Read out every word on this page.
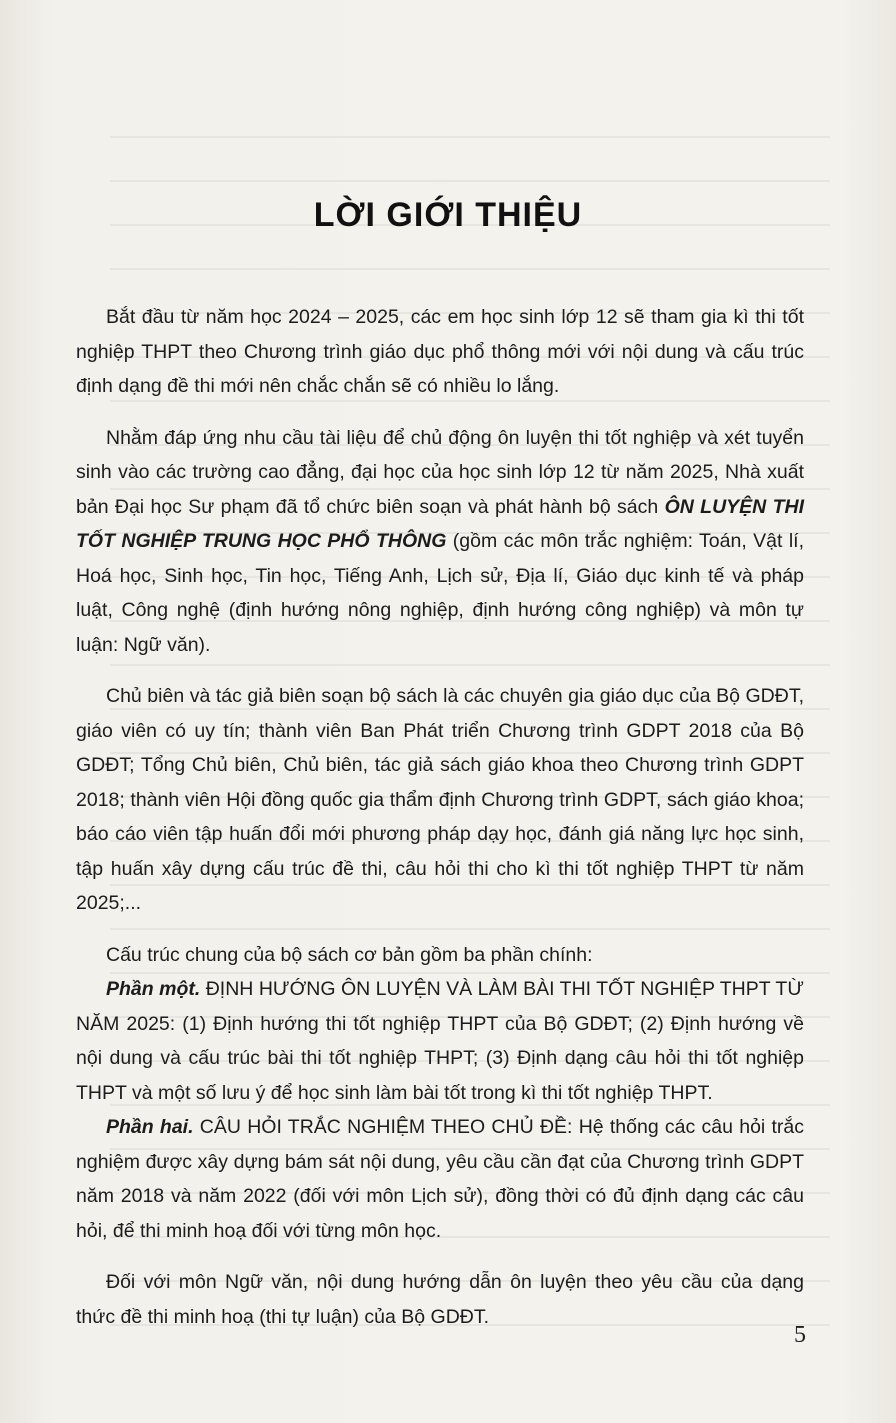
LỜI GIỚI THIỆU

Bắt đầu từ năm học 2024 – 2025, các em học sinh lớp 12 sẽ tham gia kì thi tốt nghiệp THPT theo Chương trình giáo dục phổ thông mới với nội dung và cấu trúc định dạng đề thi mới nên chắc chắn sẽ có nhiều lo lắng.

Nhằm đáp ứng nhu cầu tài liệu để chủ động ôn luyện thi tốt nghiệp và xét tuyển sinh vào các trường cao đẳng, đại học của học sinh lớp 12 từ năm 2025, Nhà xuất bản Đại học Sư phạm đã tổ chức biên soạn và phát hành bộ sách ÔN LUYỆN THI TỐT NGHIỆP TRUNG HỌC PHỔ THÔNG (gồm các môn trắc nghiệm: Toán, Vật lí, Hoá học, Sinh học, Tin học, Tiếng Anh, Lịch sử, Địa lí, Giáo dục kinh tế và pháp luật, Công nghệ (định hướng nông nghiệp, định hướng công nghiệp) và môn tự luận: Ngữ văn).

Chủ biên và tác giả biên soạn bộ sách là các chuyên gia giáo dục của Bộ GDĐT, giáo viên có uy tín; thành viên Ban Phát triển Chương trình GDPT 2018 của Bộ GDĐT; Tổng Chủ biên, Chủ biên, tác giả sách giáo khoa theo Chương trình GDPT 2018; thành viên Hội đồng quốc gia thẩm định Chương trình GDPT, sách giáo khoa; báo cáo viên tập huấn đổi mới phương pháp dạy học, đánh giá năng lực học sinh, tập huấn xây dựng cấu trúc đề thi, câu hỏi thi cho kì thi tốt nghiệp THPT từ năm 2025;...

Cấu trúc chung của bộ sách cơ bản gồm ba phần chính:

Phần một. ĐỊNH HƯỚNG ÔN LUYỆN VÀ LÀM BÀI THI TỐT NGHIỆP THPT TỪ NĂM 2025: (1) Định hướng thi tốt nghiệp THPT của Bộ GDĐT; (2) Định hướng về nội dung và cấu trúc bài thi tốt nghiệp THPT; (3) Định dạng câu hỏi thi tốt nghiệp THPT và một số lưu ý để học sinh làm bài tốt trong kì thi tốt nghiệp THPT.

Phần hai. CÂU HỎI TRẮC NGHIỆM THEO CHỦ ĐỀ: Hệ thống các câu hỏi trắc nghiệm được xây dựng bám sát nội dung, yêu cầu cần đạt của Chương trình GDPT năm 2018 và năm 2022 (đối với môn Lịch sử), đồng thời có đủ định dạng các câu hỏi, để thi minh hoạ đối với từng môn học.

Đối với môn Ngữ văn, nội dung hướng dẫn ôn luyện theo yêu cầu của dạng thức đề thi minh hoạ (thi tự luận) của Bộ GDĐT.

5
